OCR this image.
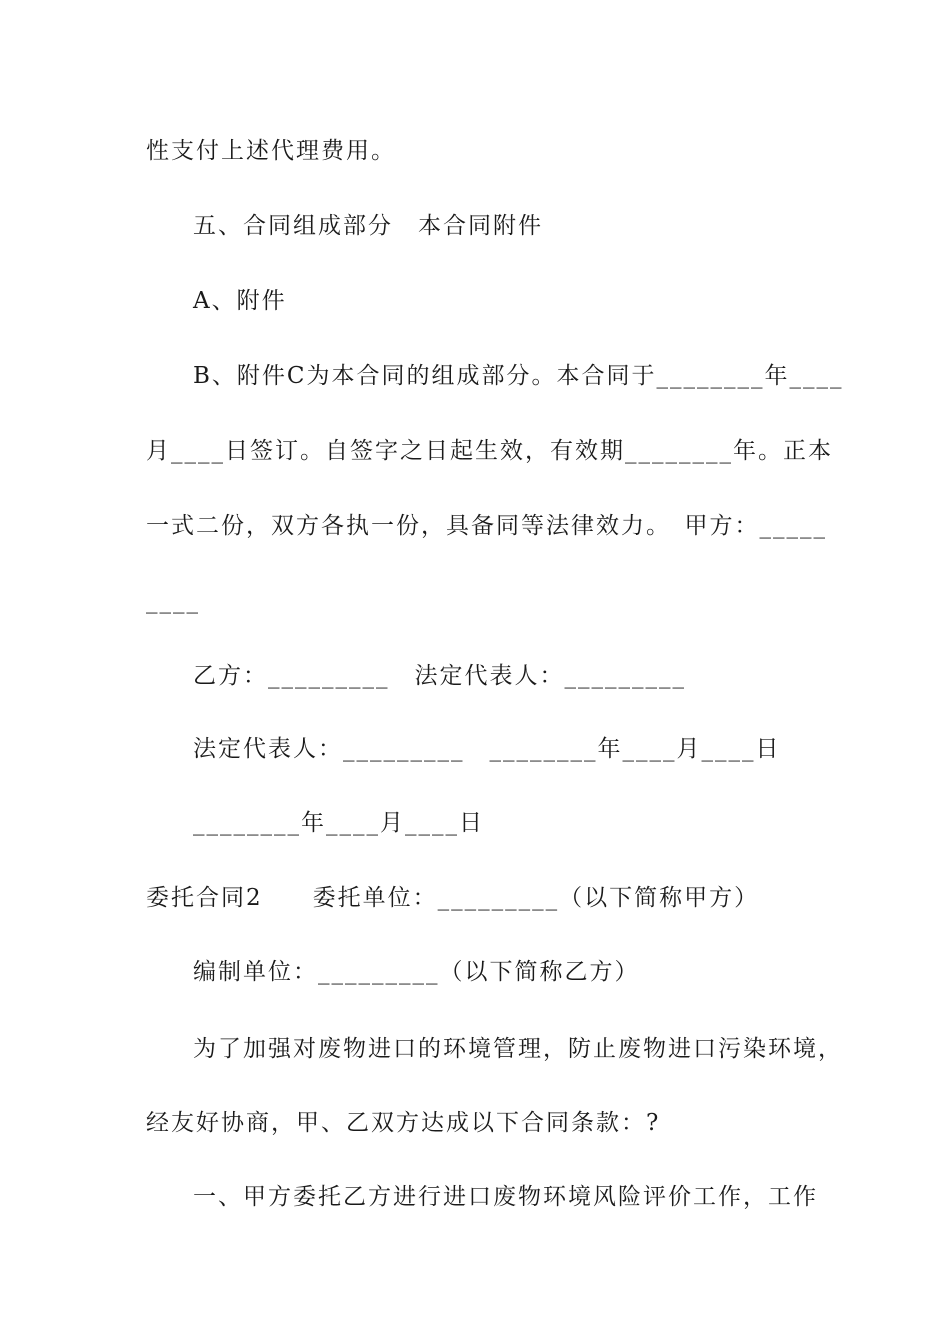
性支付上述代理费用。
五、合同组成部分　本合同附件
A、附件
B、附件C为本合同的组成部分。本合同于________年____
月____日签订。自签字之日起生效，有效期________年。正本
一式二份，双方各执一份，具备同等法律效力。　甲方：_____
____
乙方：_________　法定代表人：_________
法定代表人：_________　________年____月____日
________年____月____日
委托合同2　　委托单位：_________（以下简称甲方）
编制单位：_________（以下简称乙方）
为了加强对废物进口的环境管理，防止废物进口污染环境，
经友好协商，甲、乙双方达成以下合同条款：?
一、甲方委托乙方进行进口废物环境风险评价工作，工作
